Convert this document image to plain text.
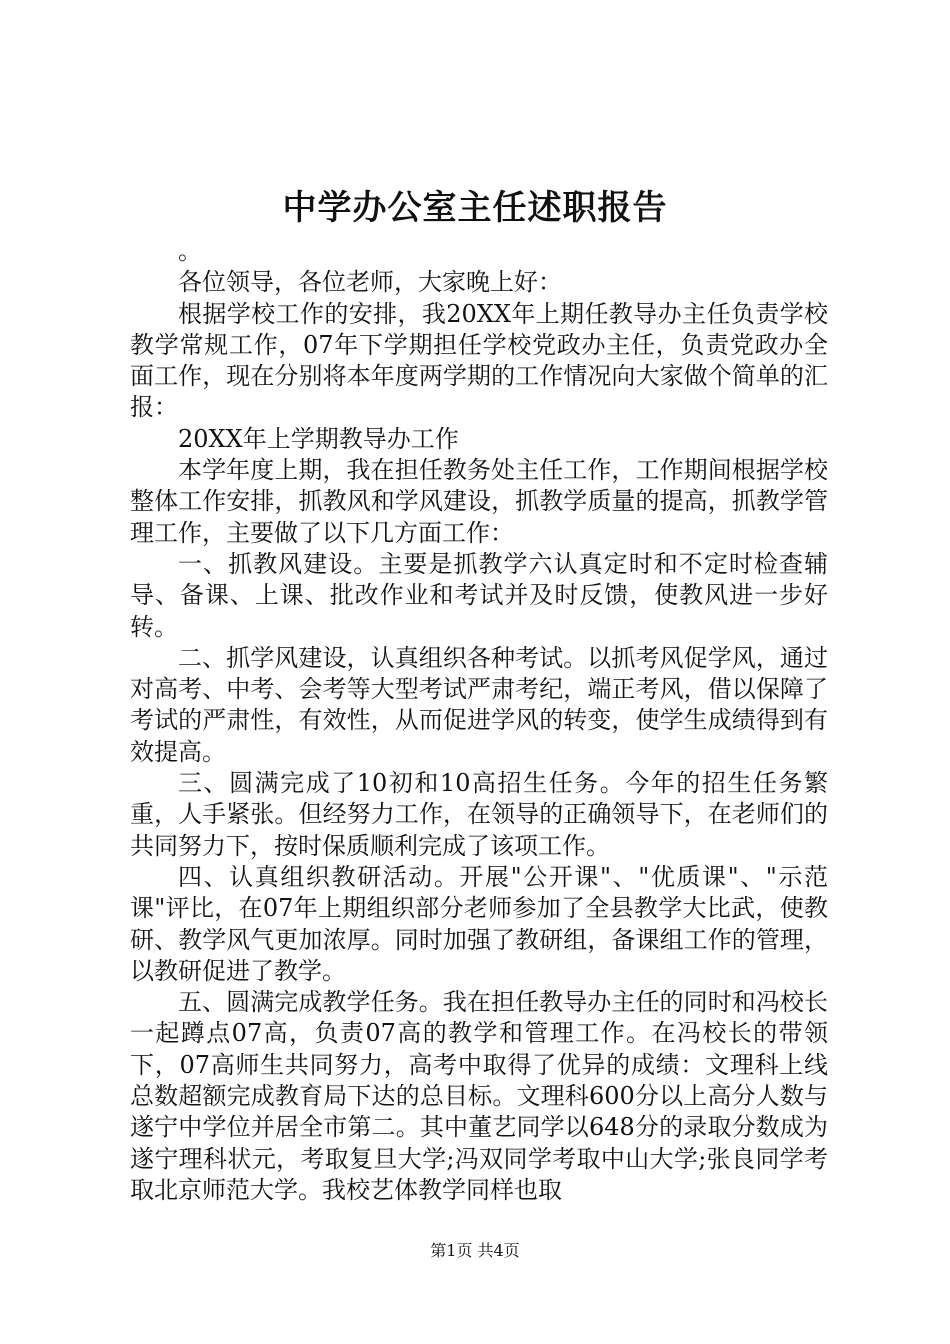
中学办公室主任述职报告

。

各位领导，各位老师，大家晚上好：

根据学校工作的安排，我20XX年上期任教导办主任负责学校教学常规工作，07年下学期担任学校党政办主任，负责党政办全面工作，现在分别将本年度两学期的工作情况向大家做个简单的汇报：

20XX年上学期教导办工作

本学年度上期，我在担任教务处主任工作，工作期间根据学校整体工作安排，抓教风和学风建设，抓教学质量的提高，抓教学管理工作，主要做了以下几方面工作：

一、抓教风建设。主要是抓教学六认真定时和不定时检查辅导、备课、上课、批改作业和考试并及时反馈，使教风进一步好转。

二、抓学风建设，认真组织各种考试。以抓考风促学风，通过对高考、中考、会考等大型考试严肃考纪，端正考风，借以保障了考试的严肃性，有效性，从而促进学风的转变，使学生成绩得到有效提高。

三、圆满完成了10初和10高招生任务。今年的招生任务繁重，人手紧张。但经努力工作，在领导的正确领导下，在老师们的共同努力下，按时保质顺利完成了该项工作。

四、认真组织教研活动。开展"公开课"、"优质课"、"示范课"评比，在07年上期组织部分老师参加了全县教学大比武，使教研、教学风气更加浓厚。同时加强了教研组，备课组工作的管理，以教研促进了教学。

五、圆满完成教学任务。我在担任教导办主任的同时和冯校长一起蹲点07高，负责07高的教学和管理工作。在冯校长的带领下，07高师生共同努力，高考中取得了优异的成绩：文理科上线总数超额完成教育局下达的总目标。文理科600分以上高分人数与遂宁中学位并居全市第二。其中董艺同学以648分的录取分数成为遂宁理科状元，考取复旦大学;冯双同学考取中山大学;张良同学考取北京师范大学。我校艺体教学同样也取

第1页 共4页
